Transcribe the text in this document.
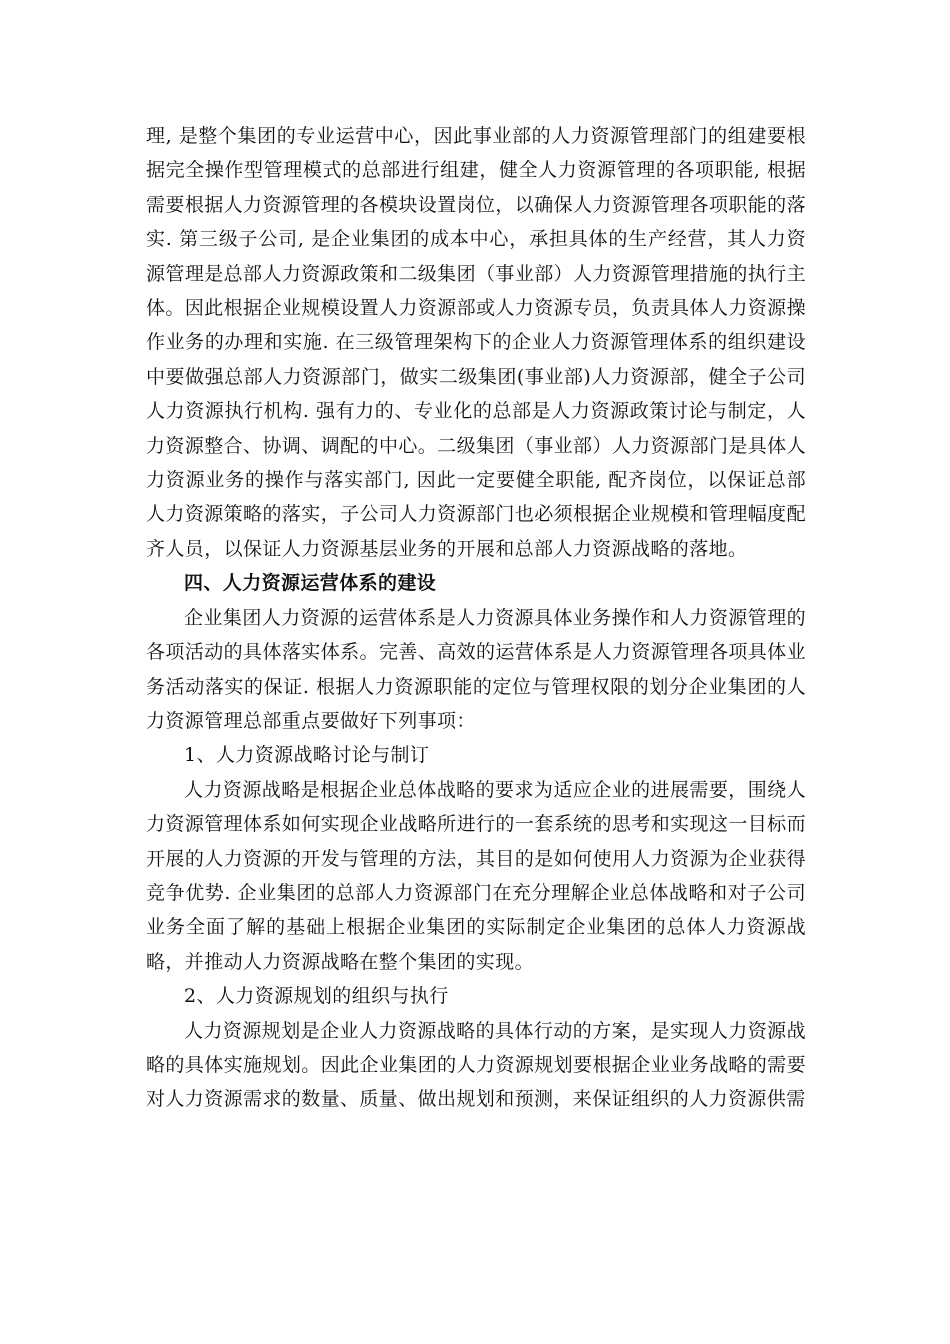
理, 是整个集团的专业运营中心，因此事业部的人力资源管理部门的组建要根据完全操作型管理模式的总部进行组建，健全人力资源管理的各项职能, 根据需要根据人力资源管理的各模块设置岗位，以确保人力资源管理各项职能的落实. 第三级子公司, 是企业集团的成本中心，承担具体的生产经营，其人力资源管理是总部人力资源政策和二级集团（事业部）人力资源管理措施的执行主体。因此根据企业规模设置人力资源部或人力资源专员，负责具体人力资源操作业务的办理和实施. 在三级管理架构下的企业人力资源管理体系的组织建设中要做强总部人力资源部门，做实二级集团(事业部)人力资源部，健全子公司人力资源执行机构. 强有力的、专业化的总部是人力资源政策讨论与制定，人力资源整合、协调、调配的中心。二级集团（事业部）人力资源部门是具体人力资源业务的操作与落实部门, 因此一定要健全职能, 配齐岗位，以保证总部人力资源策略的落实，子公司人力资源部门也必须根据企业规模和管理幅度配齐人员，以保证人力资源基层业务的开展和总部人力资源战略的落地。

四、人力资源运营体系的建设

企业集团人力资源的运营体系是人力资源具体业务操作和人力资源管理的各项活动的具体落实体系。完善、高效的运营体系是人力资源管理各项具体业务活动落实的保证. 根据人力资源职能的定位与管理权限的划分企业集团的人力资源管理总部重点要做好下列事项：

1、人力资源战略讨论与制订

人力资源战略是根据企业总体战略的要求为适应企业的进展需要，围绕人力资源管理体系如何实现企业战略所进行的一套系统的思考和实现这一目标而开展的人力资源的开发与管理的方法，其目的是如何使用人力资源为企业获得竞争优势. 企业集团的总部人力资源部门在充分理解企业总体战略和对子公司业务全面了解的基础上根据企业集团的实际制定企业集团的总体人力资源战略，并推动人力资源战略在整个集团的实现。

2、人力资源规划的组织与执行

人力资源规划是企业人力资源战略的具体行动的方案，是实现人力资源战略的具体实施规划。因此企业集团的人力资源规划要根据企业业务战略的需要对人力资源需求的数量、质量、做出规划和预测，来保证组织的人力资源供需
